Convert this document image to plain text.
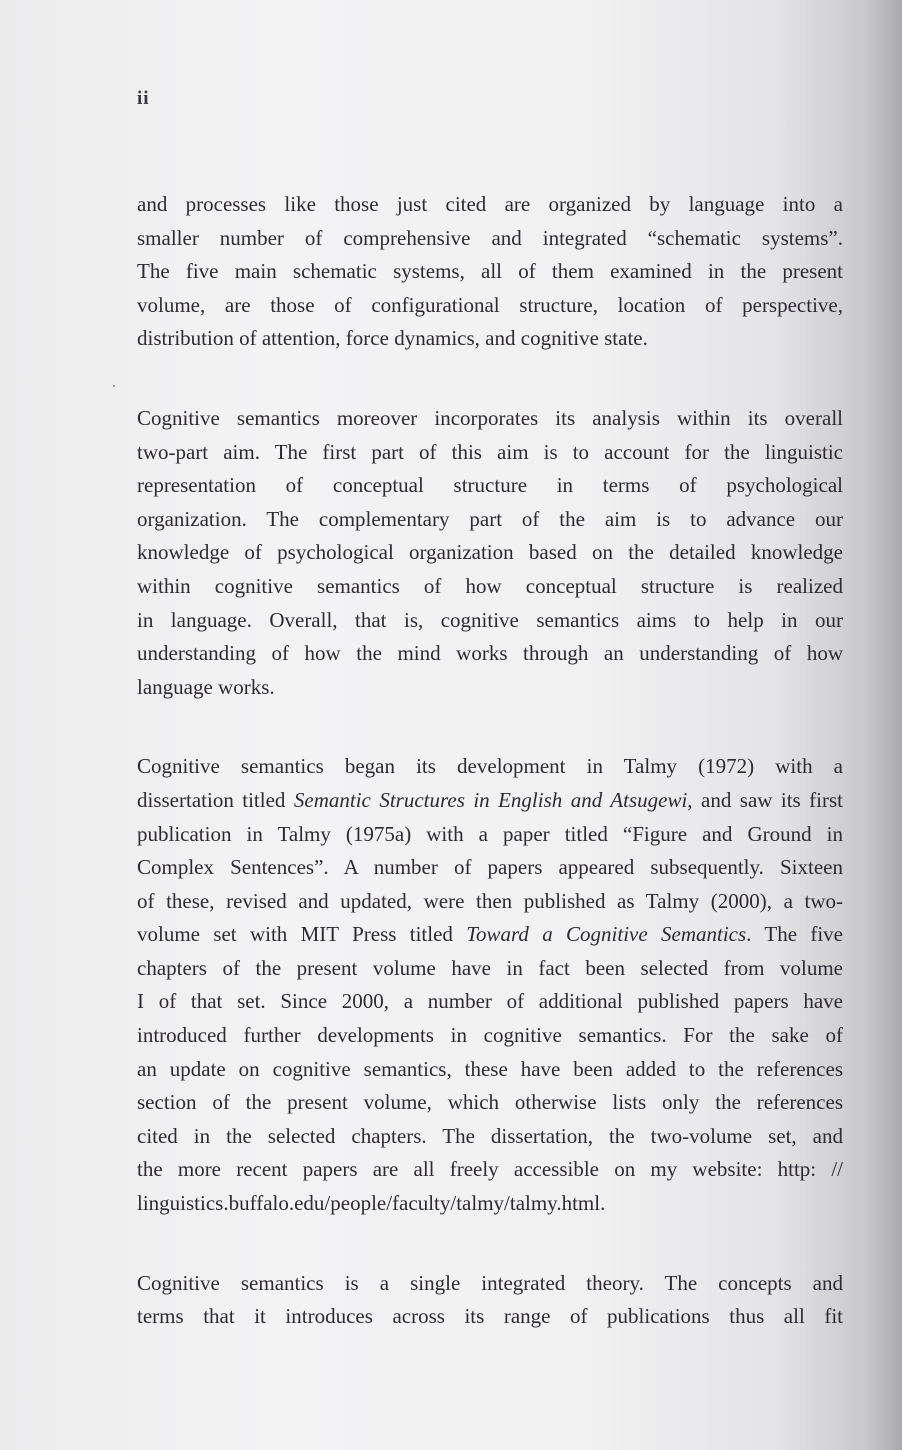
ii

and processes like those just cited are organized by language into a
smaller number of comprehensive and integrated “schematic systems”.
The five main schematic systems, all of them examined in the present
volume, are those of configurational structure, location of perspective,
distribution of attention, force dynamics, and cognitive state.

Cognitive semantics moreover incorporates its analysis within its overall
two-part aim. The first part of this aim is to account for the linguistic
representation of conceptual structure in terms of psychological
organization. The complementary part of the aim is to advance our
knowledge of psychological organization based on the detailed knowledge
within cognitive semantics of how conceptual structure is realized
in language. Overall, that is, cognitive semantics aims to help in our
understanding of how the mind works through an understanding of how
language works.

Cognitive semantics began its development in Talmy (1972) with a
dissertation titled Semantic Structures in English and Atsugewi, and saw its first
publication in Talmy (1975a) with a paper titled “Figure and Ground in
Complex Sentences”. A number of papers appeared subsequently. Sixteen
of these, revised and updated, were then published as Talmy (2000), a two-
volume set with MIT Press titled Toward a Cognitive Semantics. The five
chapters of the present volume have in fact been selected from volume
I of that set. Since 2000, a number of additional published papers have
introduced further developments in cognitive semantics. For the sake of
an update on cognitive semantics, these have been added to the references
section of the present volume, which otherwise lists only the references
cited in the selected chapters. The dissertation, the two-volume set, and
the more recent papers are all freely accessible on my website: http: //
linguistics.buffalo.edu/people/faculty/talmy/talmy.html.

Cognitive semantics is a single integrated theory. The concepts and
terms that it introduces across its range of publications thus all fit
